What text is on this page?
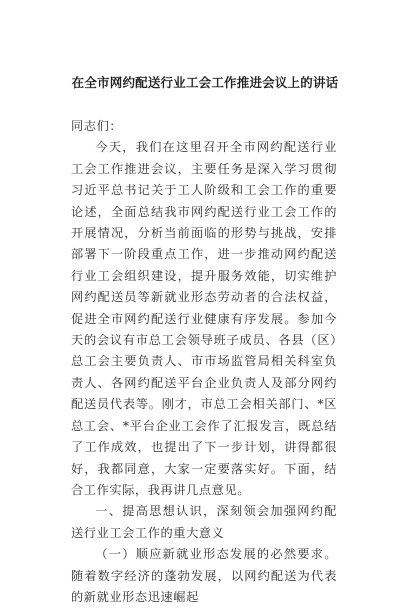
在全市网约配送行业工会工作推进会议上的讲话

同志们：

今天，我们在这里召开全市网约配送行业工会工作推进会议，主要任务是深入学习贯彻习近平总书记关于工人阶级和工会工作的重要论述，全面总结我市网约配送行业工会工作的开展情况，分析当前面临的形势与挑战，安排部署下一阶段重点工作，进一步推动网约配送行业工会组织建设，提升服务效能，切实维护网约配送员等新就业形态劳动者的合法权益，促进全市网约配送行业健康有序发展。参加今天的会议有市总工会领导班子成员、各县（区）总工会主要负责人、市市场监管局相关科室负责人、各网约配送平台企业负责人及部分网约配送员代表等。刚才，市总工会相关部门、*区总工会、*平台企业工会作了汇报发言，既总结了工作成效，也提出了下一步计划，讲得都很好，我都同意，大家一定要落实好。下面，结合工作实际，我再讲几点意见。

一、提高思想认识，深刻领会加强网约配送行业工会工作的重大意义

（一）顺应新就业形态发展的必然要求。随着数字经济的蓬勃发展，以网约配送为代表的新就业形态迅速崛起
